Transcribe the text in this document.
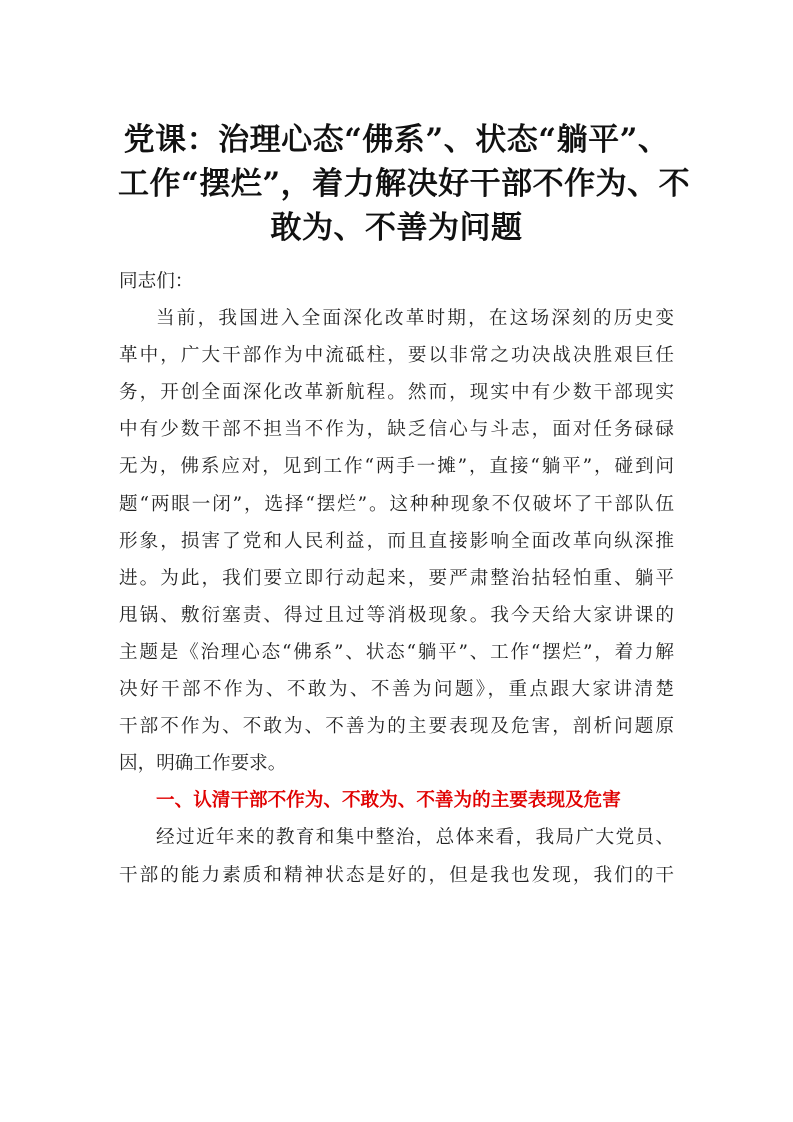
党课：治理心态“佛系”、状态“躺平”、
工作“摆烂”，着力解决好干部不作为、不
敢为、不善为问题
同志们：
当前，我国进入全面深化改革时期，在这场深刻的历史变
革中，广大干部作为中流砥柱，要以非常之功决战决胜艰巨任
务，开创全面深化改革新航程。然而，现实中有少数干部现实
中有少数干部不担当不作为，缺乏信心与斗志，面对任务碌碌
无为，佛系应对，见到工作“两手一摊”，直接“躺平”，碰到问
题“两眼一闭”，选择“摆烂”。这种种现象不仅破坏了干部队伍
形象，损害了党和人民利益，而且直接影响全面改革向纵深推
进。为此，我们要立即行动起来，要严肃整治拈轻怕重、躺平
甩锅、敷衍塞责、得过且过等消极现象。我今天给大家讲课的
主题是《治理心态“佛系”、状态“躺平”、工作“摆烂”，着力解
决好干部不作为、不敢为、不善为问题》，重点跟大家讲清楚
干部不作为、不敢为、不善为的主要表现及危害，剖析问题原
因，明确工作要求。
一、认清干部不作为、不敢为、不善为的主要表现及危害
经过近年来的教育和集中整治，总体来看，我局广大党员、
干部的能力素质和精神状态是好的，但是我也发现，我们的干
